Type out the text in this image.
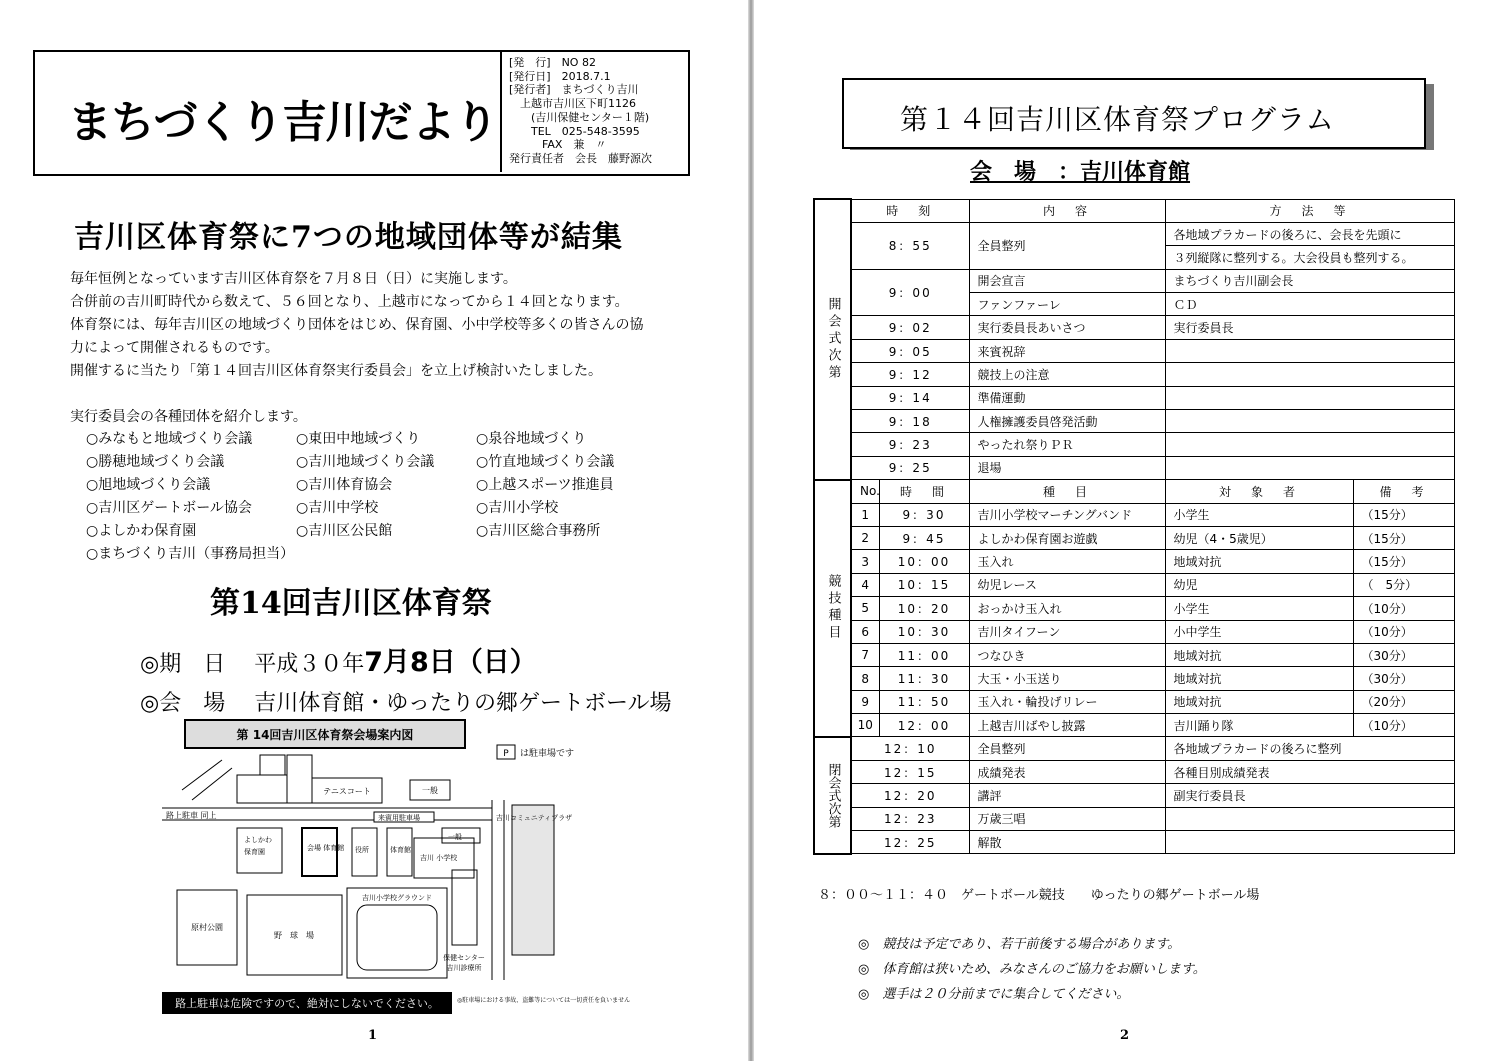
まちづくり吉川だより
[発　行]　NO 82
[発行日]　2018.7.1
[発行者]　まちづくり吉川
　上越市吉川区下町1126
　　(吉川保健センター１階)
　　TEL　025-548-3595
　　　FAX　兼　〃
発行責任者　会長　藤野源次
吉川区体育祭に7つの地域団体等が結集
毎年恒例となっています吉川区体育祭を７月８日（日）に実施します。
合併前の吉川町時代から数えて、５６回となり、上越市になってから１４回となります。
体育祭には、毎年吉川区の地域づくり団体をはじめ、保育園、小中学校等多くの皆さんの協
力によって開催されるものです。
開催するに当たり「第１４回吉川区体育祭実行委員会」を立上げ検討いたしました。
実行委員会の各種団体を紹介します。
○みなもと地域づくり会議	○東田中地域づくり	○泉谷地域づくり
○勝穂地域づくり会議	○吉川地域づくり会議	○竹直地域づくり会議
○旭地域づくり会議	○吉川体育協会	○上越スポーツ推進員
○吉川区ゲートボール協会	○吉川中学校	○吉川小学校
○よしかわ保育園	○吉川区公民館	○吉川区総合事務所
○まちづくり吉川（事務局担当）
第14回吉川区体育祭
◎期　日　 平成３０年7月8日（日）
◎会　場　 吉川体育館・ゆったりの郷ゲートボール場
第 14回吉川区体育祭会場案内図
P は駐車場です
路上駐車 同上
テニスコート	一般
来賓用駐車場
よしかわ
保育園	会場 体育館 役所	体育館
吉川 小学校
一般
吉川小学校グラウンド
野　球　場
原村公園
吉川コミュニティプラザ
保健センター
吉川診療所
路上駐車は危険ですので、絶対にしないでください。	◎駐車場における事故、盗難等については一切責任を負いません
1
第１４回吉川区体育祭プログラム
会　場　：吉川体育館
開会式次第	時　刻		内　容	方　法　等	
	8：55		全員整列	各地域プラカードの後ろに、会長を先頭に	
				３列縦隊に整列する。大会役員も整列する。	
	9：00		開会宣言	まちづくり吉川副会長	
			ファンファーレ	ＣＤ	
	9：02		実行委員長あいさつ	実行委員長	
	9：05		来賓祝辞		
	9：12		競技上の注意		
	9：14		準備運動		
	9：18		人権擁護委員啓発活動		
	9：23		やったれ祭りＰＲ		
	9：25		退場		
競技種目	No.	時　間	種　目	対　象　者	備　考
	1	9：30	吉川小学校マーチングバンド	小学生	（15分）
	2	9：45	よしかわ保育園お遊戯	幼児（4・5歳児）	（15分）
	3	10：00	玉入れ	地域対抗	（15分）
	4	10：15	幼児レース	幼児	（　5分）
	5	10：20	おっかけ玉入れ	小学生	（10分）
	6	10：30	吉川タイフーン	小中学生	（10分）
	7	11：00	つなひき	地域対抗	（30分）
	8	11：30	大玉・小玉送り	地域対抗	（30分）
	9	11：50	玉入れ・輪投げリレー	地域対抗	（20分）
	10	12：00	上越吉川ばやし披露	吉川踊り隊	（10分）
閉会式次第	12：10		全員整列	各地域プラカードの後ろに整列	
	12：15		成績発表	各種目別成績発表	
	12：20		講評	副実行委員長	
	12：23		万歳三唱		
	12：25		解散		
８：００～１１：４０　ゲートボール競技　　ゆったりの郷ゲートボール場
◎　競技は予定であり、若干前後する場合があります。
◎　体育館は狭いため、みなさんのご協力をお願いします。
◎　選手は２０分前までに集合してください。
2
